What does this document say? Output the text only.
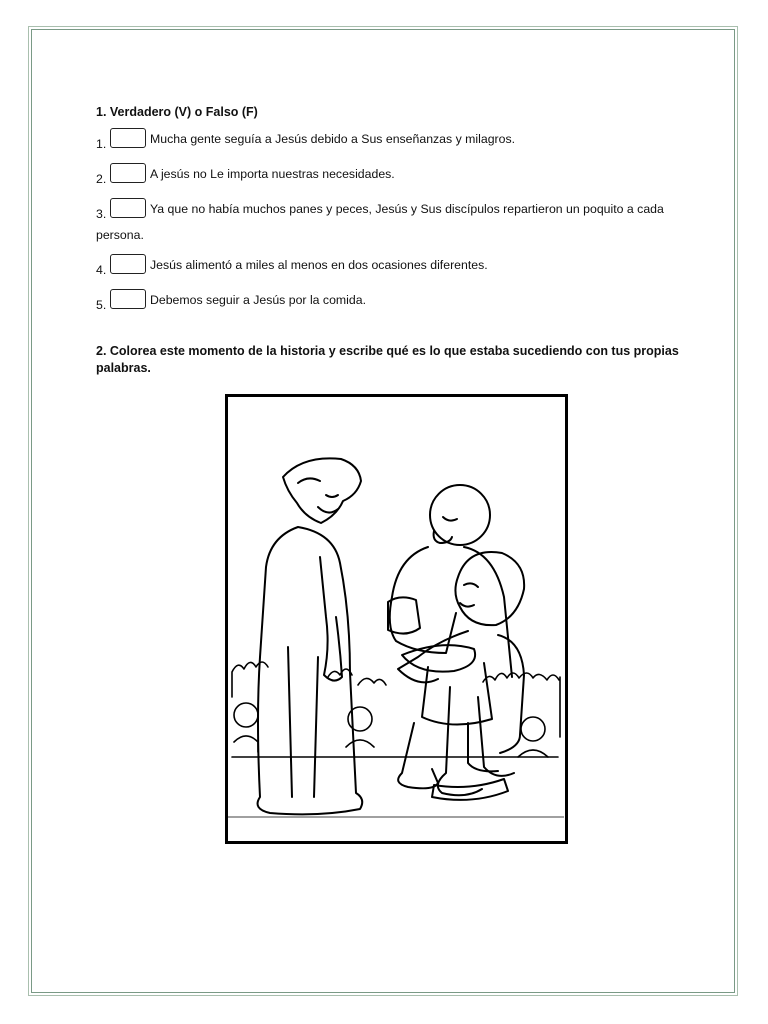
1. Verdadero (V) o Falso (F)

1.	Mucha gente seguía a Jesús debido a Sus enseñanzas y milagros.
2.	A jesús no Le importa nuestras necesidades.
3.	Ya que no había muchos panes y peces, Jesús y Sus discípulos repartieron un poquito a cada
persona.
4.	Jesús alimentó a miles al menos en dos ocasiones diferentes.
5.	Debemos seguir a Jesús por la comida.
2. Colorea este momento de la historia y escribe qué es lo que estaba sucediendo con tus propias
palabras.
